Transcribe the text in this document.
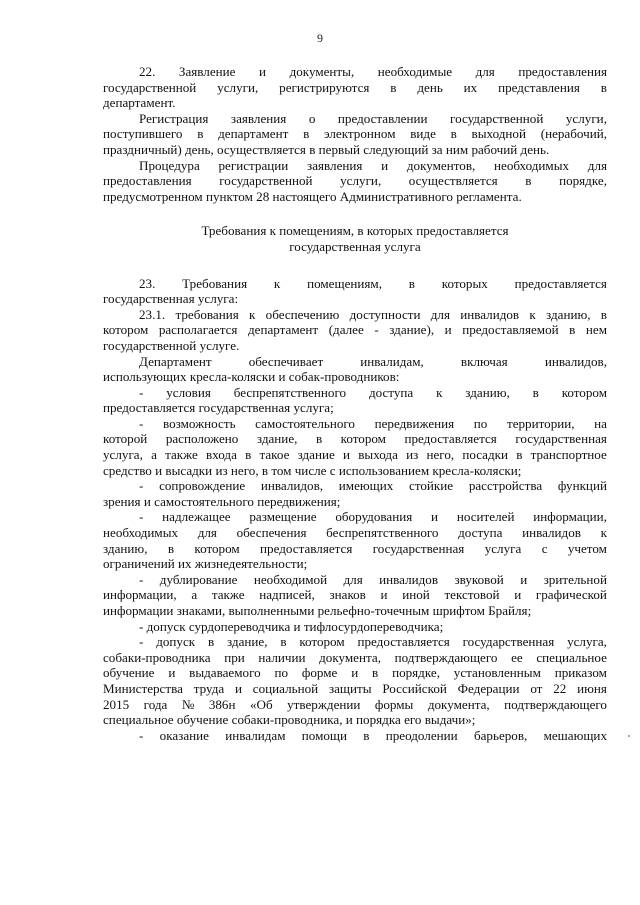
9
22. Заявление и документы, необходимые для предоставления
государственной услуги, регистрируются в день их представления в
департамент.
Регистрация заявления о предоставлении государственной услуги,
поступившего в департамент в электронном виде в выходной (нерабочий,
праздничный) день, осуществляется в первый следующий за ним рабочий день.
Процедура регистрации заявления и документов, необходимых для
предоставления государственной услуги, осуществляется в порядке,
предусмотренном пунктом 28 настоящего Административного регламента.
Требования к помещениям, в которых предоставляется
государственная услуга
23. Требования к помещениям, в которых предоставляется
государственная услуга:
23.1. требования к обеспечению доступности для инвалидов к зданию, в
котором располагается департамент (далее - здание), и предоставляемой в нем
государственной услуге.
Департамент	обеспечивает	инвалидам,	включая	инвалидов,
использующих кресла-коляски и собак-проводников:
- условия беспрепятственного доступа к зданию, в котором
предоставляется государственная услуга;
- возможность самостоятельного передвижения по территории, на
которой расположено здание, в котором предоставляется государственная
услуга, а также входа в такое здание и выхода из него, посадки в транспортное
средство и высадки из него, в том числе с использованием кресла-коляски;
- сопровождение инвалидов, имеющих стойкие расстройства функций
зрения и самостоятельного передвижения;
- надлежащее размещение оборудования и носителей информации,
необходимых для обеспечения беспрепятственного доступа инвалидов к
зданию, в котором предоставляется государственная услуга с учетом
ограничений их жизнедеятельности;
- дублирование необходимой для инвалидов звуковой и зрительной
информации, а также надписей, знаков и иной текстовой и графической
информации знаками, выполненными рельефно-точечным шрифтом Брайля;
- допуск сурдопереводчика и тифлосурдопереводчика;
- допуск в здание, в котором предоставляется государственная услуга,
собаки-проводника при наличии документа, подтверждающего ее специальное
обучение и выдаваемого по форме и в порядке, установленным приказом
Министерства труда и социальной защиты Российской Федерации от 22 июня
2015 года № 386н «Об утверждении формы документа, подтверждающего
специальное обучение собаки-проводника, и порядка его выдачи»;
- оказание инвалидам помощи в преодолении барьеров, мешающих
